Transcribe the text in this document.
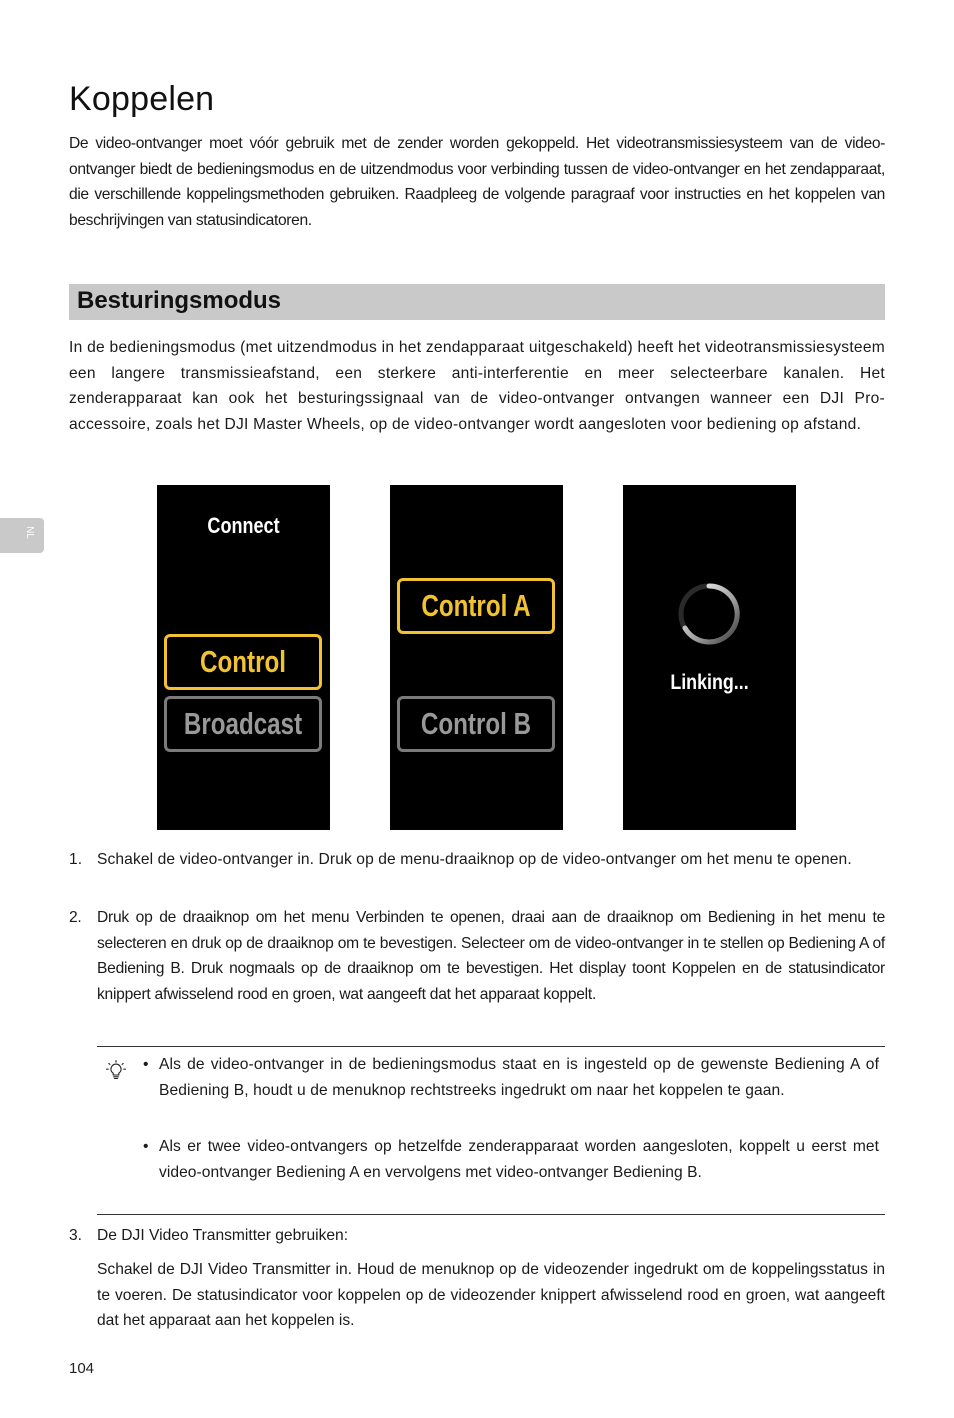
Koppelen

De video-ontvanger moet vóór gebruik met de zender worden gekoppeld. Het videotransmissiesysteem van de video-ontvanger biedt de bedieningsmodus en de uitzendmodus voor verbinding tussen de video-ontvanger en het zendapparaat, die verschillende koppelingsmethoden gebruiken. Raadpleeg de volgende paragraaf voor instructies en het koppelen van beschrijvingen van statusindicatoren.

Besturingsmodus

In de bedieningsmodus (met uitzendmodus in het zendapparaat uitgeschakeld) heeft het videotransmissiesysteem een langere transmissieafstand, een sterkere anti-interferentie en meer selecteerbare kanalen. Het zenderapparaat kan ook het besturingssignaal van de video-ontvanger ontvangen wanneer een DJI Pro-accessoire, zoals het DJI Master Wheels, op de video-ontvanger wordt aangesloten voor bediening op afstand.

NL	Connect
Control
Broadcast
Control A
Control B
Linking...
1. Schakel de video-ontvanger in. Druk op de menu-draaiknop op de video-ontvanger om het menu te openen.

2. Druk op de draaiknop om het menu Verbinden te openen, draai aan de draaiknop om Bediening in het menu te selecteren en druk op de draaiknop om te bevestigen. Selecteer om de video-ontvanger in te stellen op Bediening A of Bediening B. Druk nogmaals op de draaiknop om te bevestigen. Het display toont Koppelen en de statusindicator knippert afwisselend rood en groen, wat aangeeft dat het apparaat koppelt.

• Als de video-ontvanger in de bedieningsmodus staat en is ingesteld op de gewenste Bediening A of Bediening B, houdt u de menuknop rechtstreeks ingedrukt om naar het koppelen te gaan.

• Als er twee video-ontvangers op hetzelfde zenderapparaat worden aangesloten, koppelt u eerst met video-ontvanger Bediening A en vervolgens met video-ontvanger Bediening B.

3. De DJI Video Transmitter gebruiken:

Schakel de DJI Video Transmitter in. Houd de menuknop op de videozender ingedrukt om de koppelingsstatus in te voeren. De statusindicator voor koppelen op de videozender knippert afwisselend rood en groen, wat aangeeft dat het apparaat aan het koppelen is.

104
